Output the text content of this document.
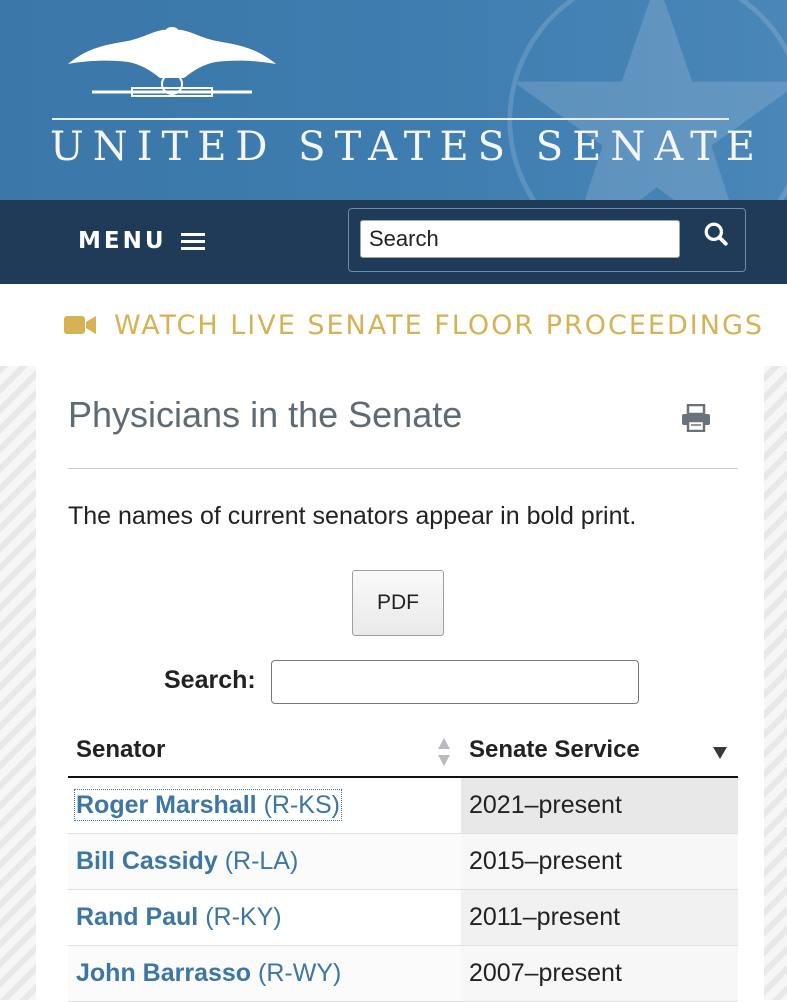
UNITED STATES SENATE
MENU
Search
WATCH LIVE SENATE FLOOR PROCEEDINGS
Physicians in the Senate
The names of current senators appear in bold print.
PDF
Search:
Senator	Senate Service

Roger Marshall (R-KS)	2021–present
Bill Cassidy (R-LA)	2015–present
Rand Paul (R-KY)	2011–present
John Barrasso (R-WY)	2007–present
